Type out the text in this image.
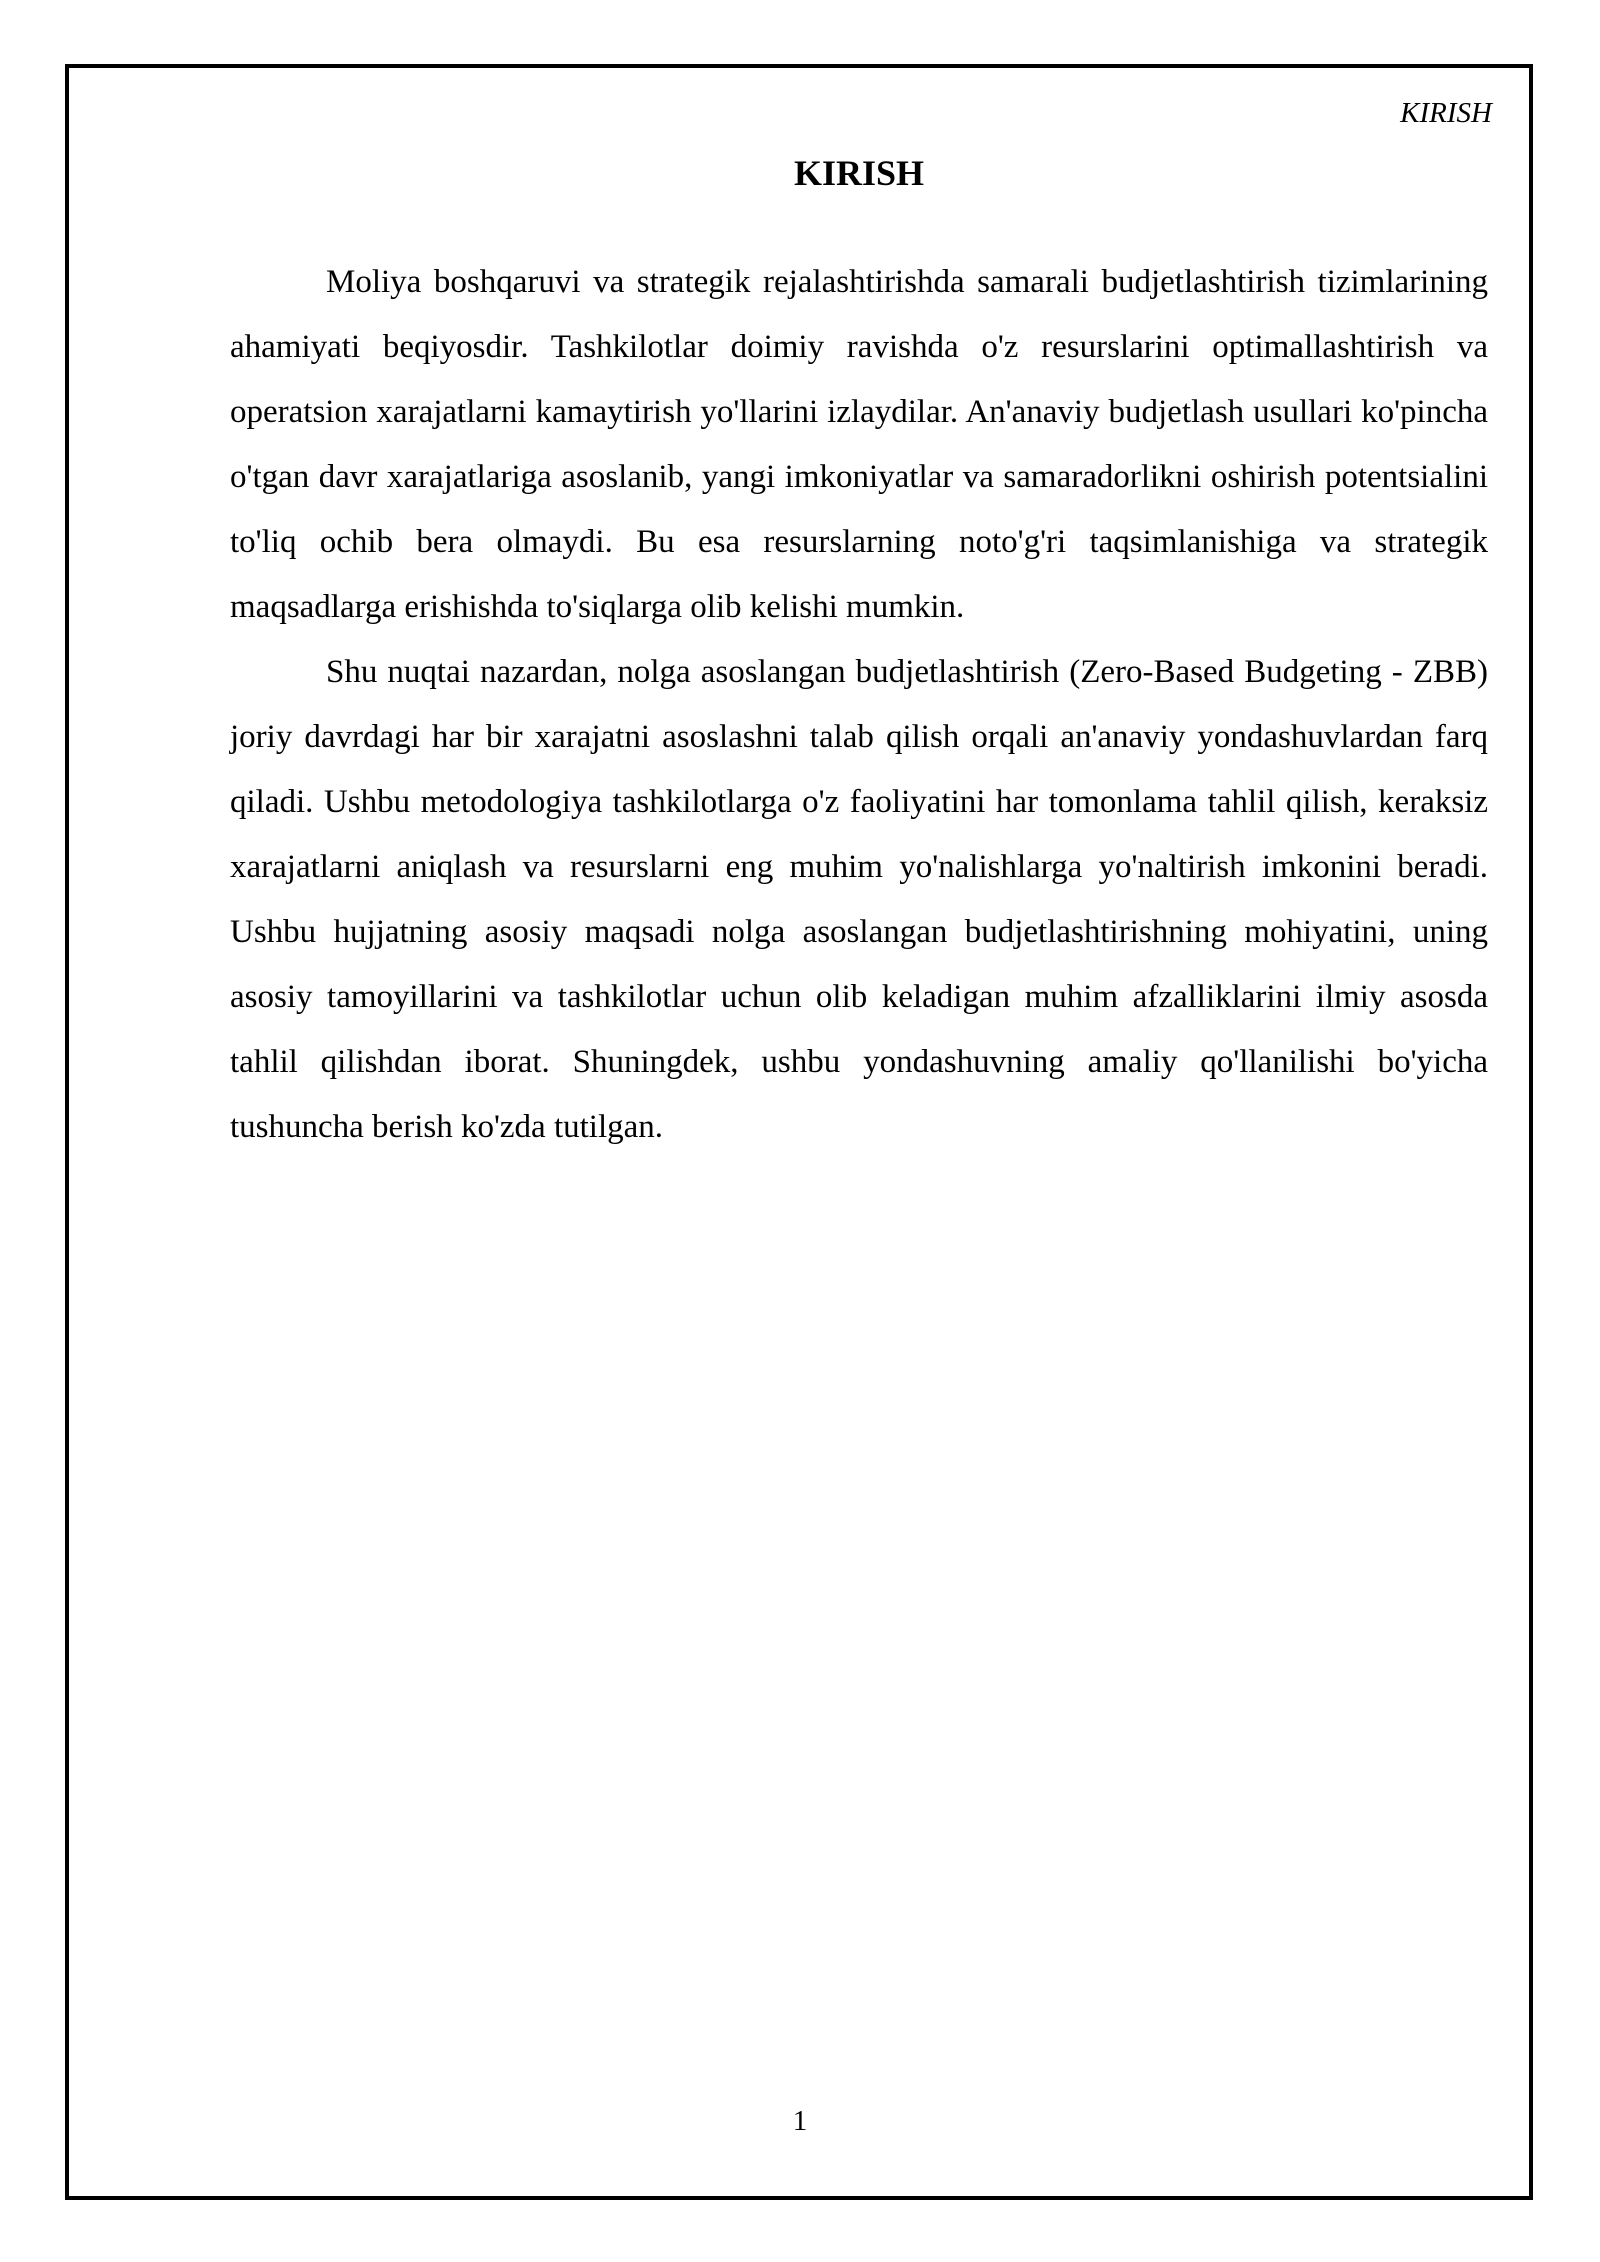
KIRISH

KIRISH

Moliya boshqaruvi va strategik rejalashtirishda samarali budjetlashtirish tizimlarining ahamiyati beqiyosdir. Tashkilotlar doimiy ravishda o'z resurslarini optimallashtirish va operatsion xarajatlarni kamaytirish yo'llarini izlaydilar. An'anaviy budjetlash usullari ko'pincha o'tgan davr xarajatlariga asoslanib, yangi imkoniyatlar va samaradorlikni oshirish potentsialini to'liq ochib bera olmaydi. Bu esa resurslarning noto'g'ri taqsimlanishiga va strategik maqsadlarga erishishda to'siqlarga olib kelishi mumkin.

Shu nuqtai nazardan, nolga asoslangan budjetlashtirish (Zero-Based Budgeting - ZBB) joriy davrdagi har bir xarajatni asoslashni talab qilish orqali an'anaviy yondashuvlardan farq qiladi. Ushbu metodologiya tashkilotlarga o'z faoliyatini har tomonlama tahlil qilish, keraksiz xarajatlarni aniqlash va resurslarni eng muhim yo'nalishlarga yo'naltirish imkonini beradi. Ushbu hujjatning asosiy maqsadi nolga asoslangan budjetlashtirishning mohiyatini, uning asosiy tamoyillarini va tashkilotlar uchun olib keladigan muhim afzalliklarini ilmiy asosda tahlil qilishdan iborat. Shuningdek, ushbu yondashuvning amaliy qo'llanilishi bo'yicha tushuncha berish ko'zda tutilgan.

1
